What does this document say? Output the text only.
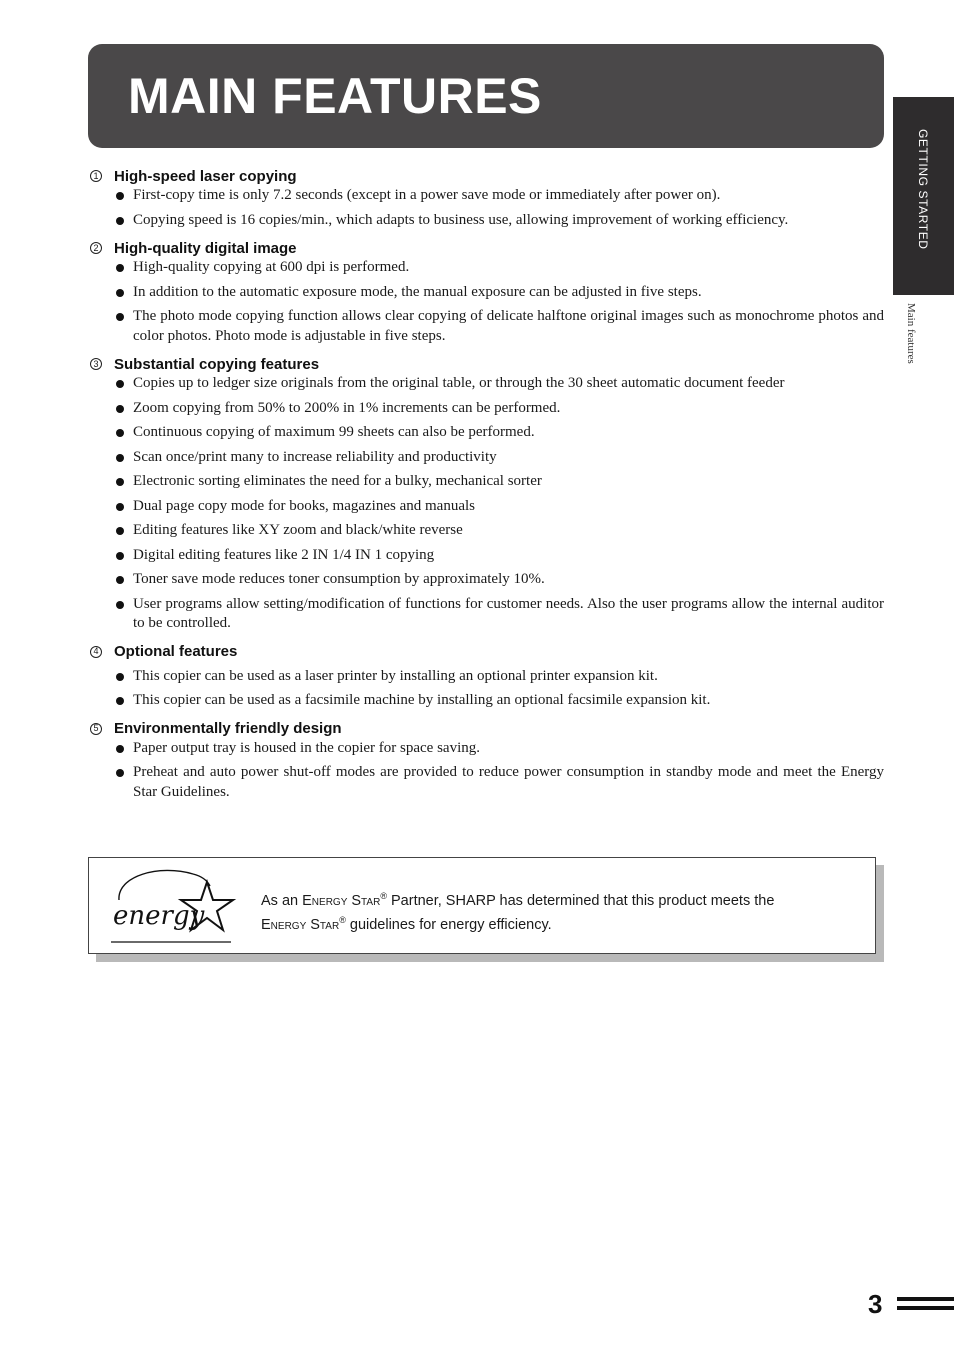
MAIN FEATURES
GETTING STARTED
Main features
1 High-speed laser copying
First-copy time is only 7.2 seconds (except in a power save mode or immediately after power on).
Copying speed is 16 copies/min., which adapts to business use, allowing improvement of working efficiency.
2 High-quality digital image
High-quality copying at 600 dpi is performed.
In addition to the automatic exposure mode, the manual exposure can be adjusted in five steps.
The photo mode copying function allows clear copying of delicate halftone original images such as monochrome photos and color photos. Photo mode is adjustable in five steps.
3 Substantial copying features
Copies up to ledger size originals from the original table, or through the 30 sheet automatic document feeder
Zoom copying from 50% to 200% in 1% increments can be performed.
Continuous copying of maximum 99 sheets can also be performed.
Scan once/print many to increase reliability and productivity
Electronic sorting eliminates the need for a bulky, mechanical sorter
Dual page copy mode for books, magazines and manuals
Editing features like XY zoom and black/white reverse
Digital editing features like 2 IN 1/4 IN 1 copying
Toner save mode reduces toner consumption by approximately 10%.
User programs allow setting/modification of functions for customer needs. Also the user programs allow the internal auditor to be controlled.
4 Optional features
This copier can be used as a laser printer by installing an optional printer expansion kit.
This copier can be used as a facsimile machine by installing an optional facsimile expansion kit.
5 Environmentally friendly design
Paper output tray is housed in the copier for space saving.
Preheat and auto power shut-off modes are provided to reduce power consumption in standby mode and meet the Energy Star Guidelines.
energy
As an Energy Star® Partner, SHARP has determined that this product meets the
Energy Star® guidelines for energy efficiency.
3
